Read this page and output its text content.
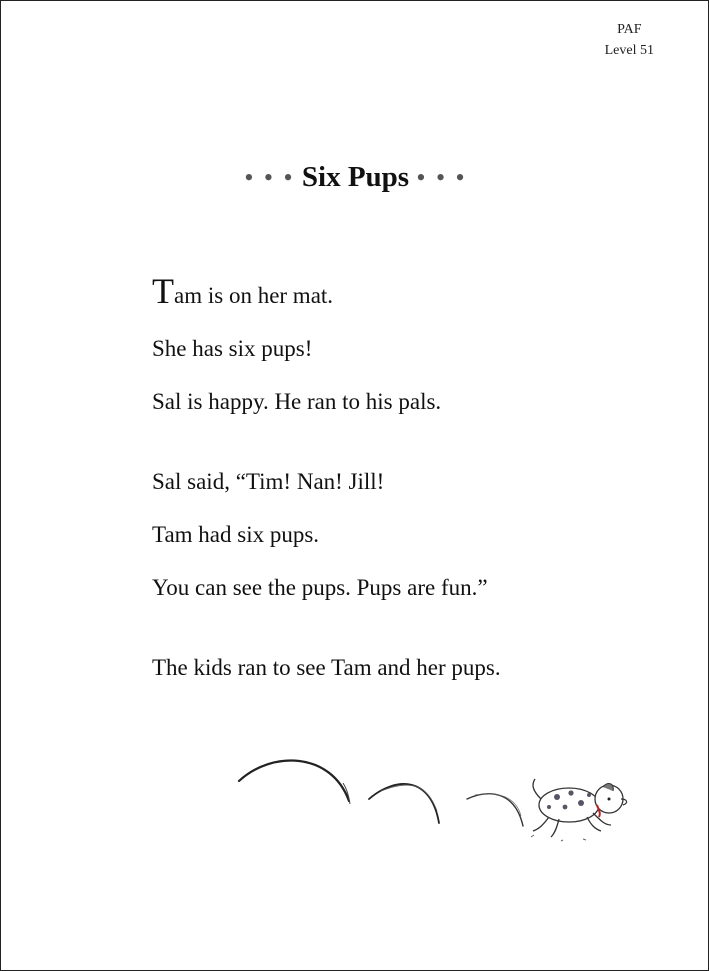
PAF
Level 51
• • • Six Pups • • •
Tam is on her mat.
She has six pups!
Sal is happy. He ran to his pals.
Sal said, “Tim! Nan! Jill!
Tam had six pups.
You can see the pups. Pups are fun.”
The kids ran to see Tam and her pups.
